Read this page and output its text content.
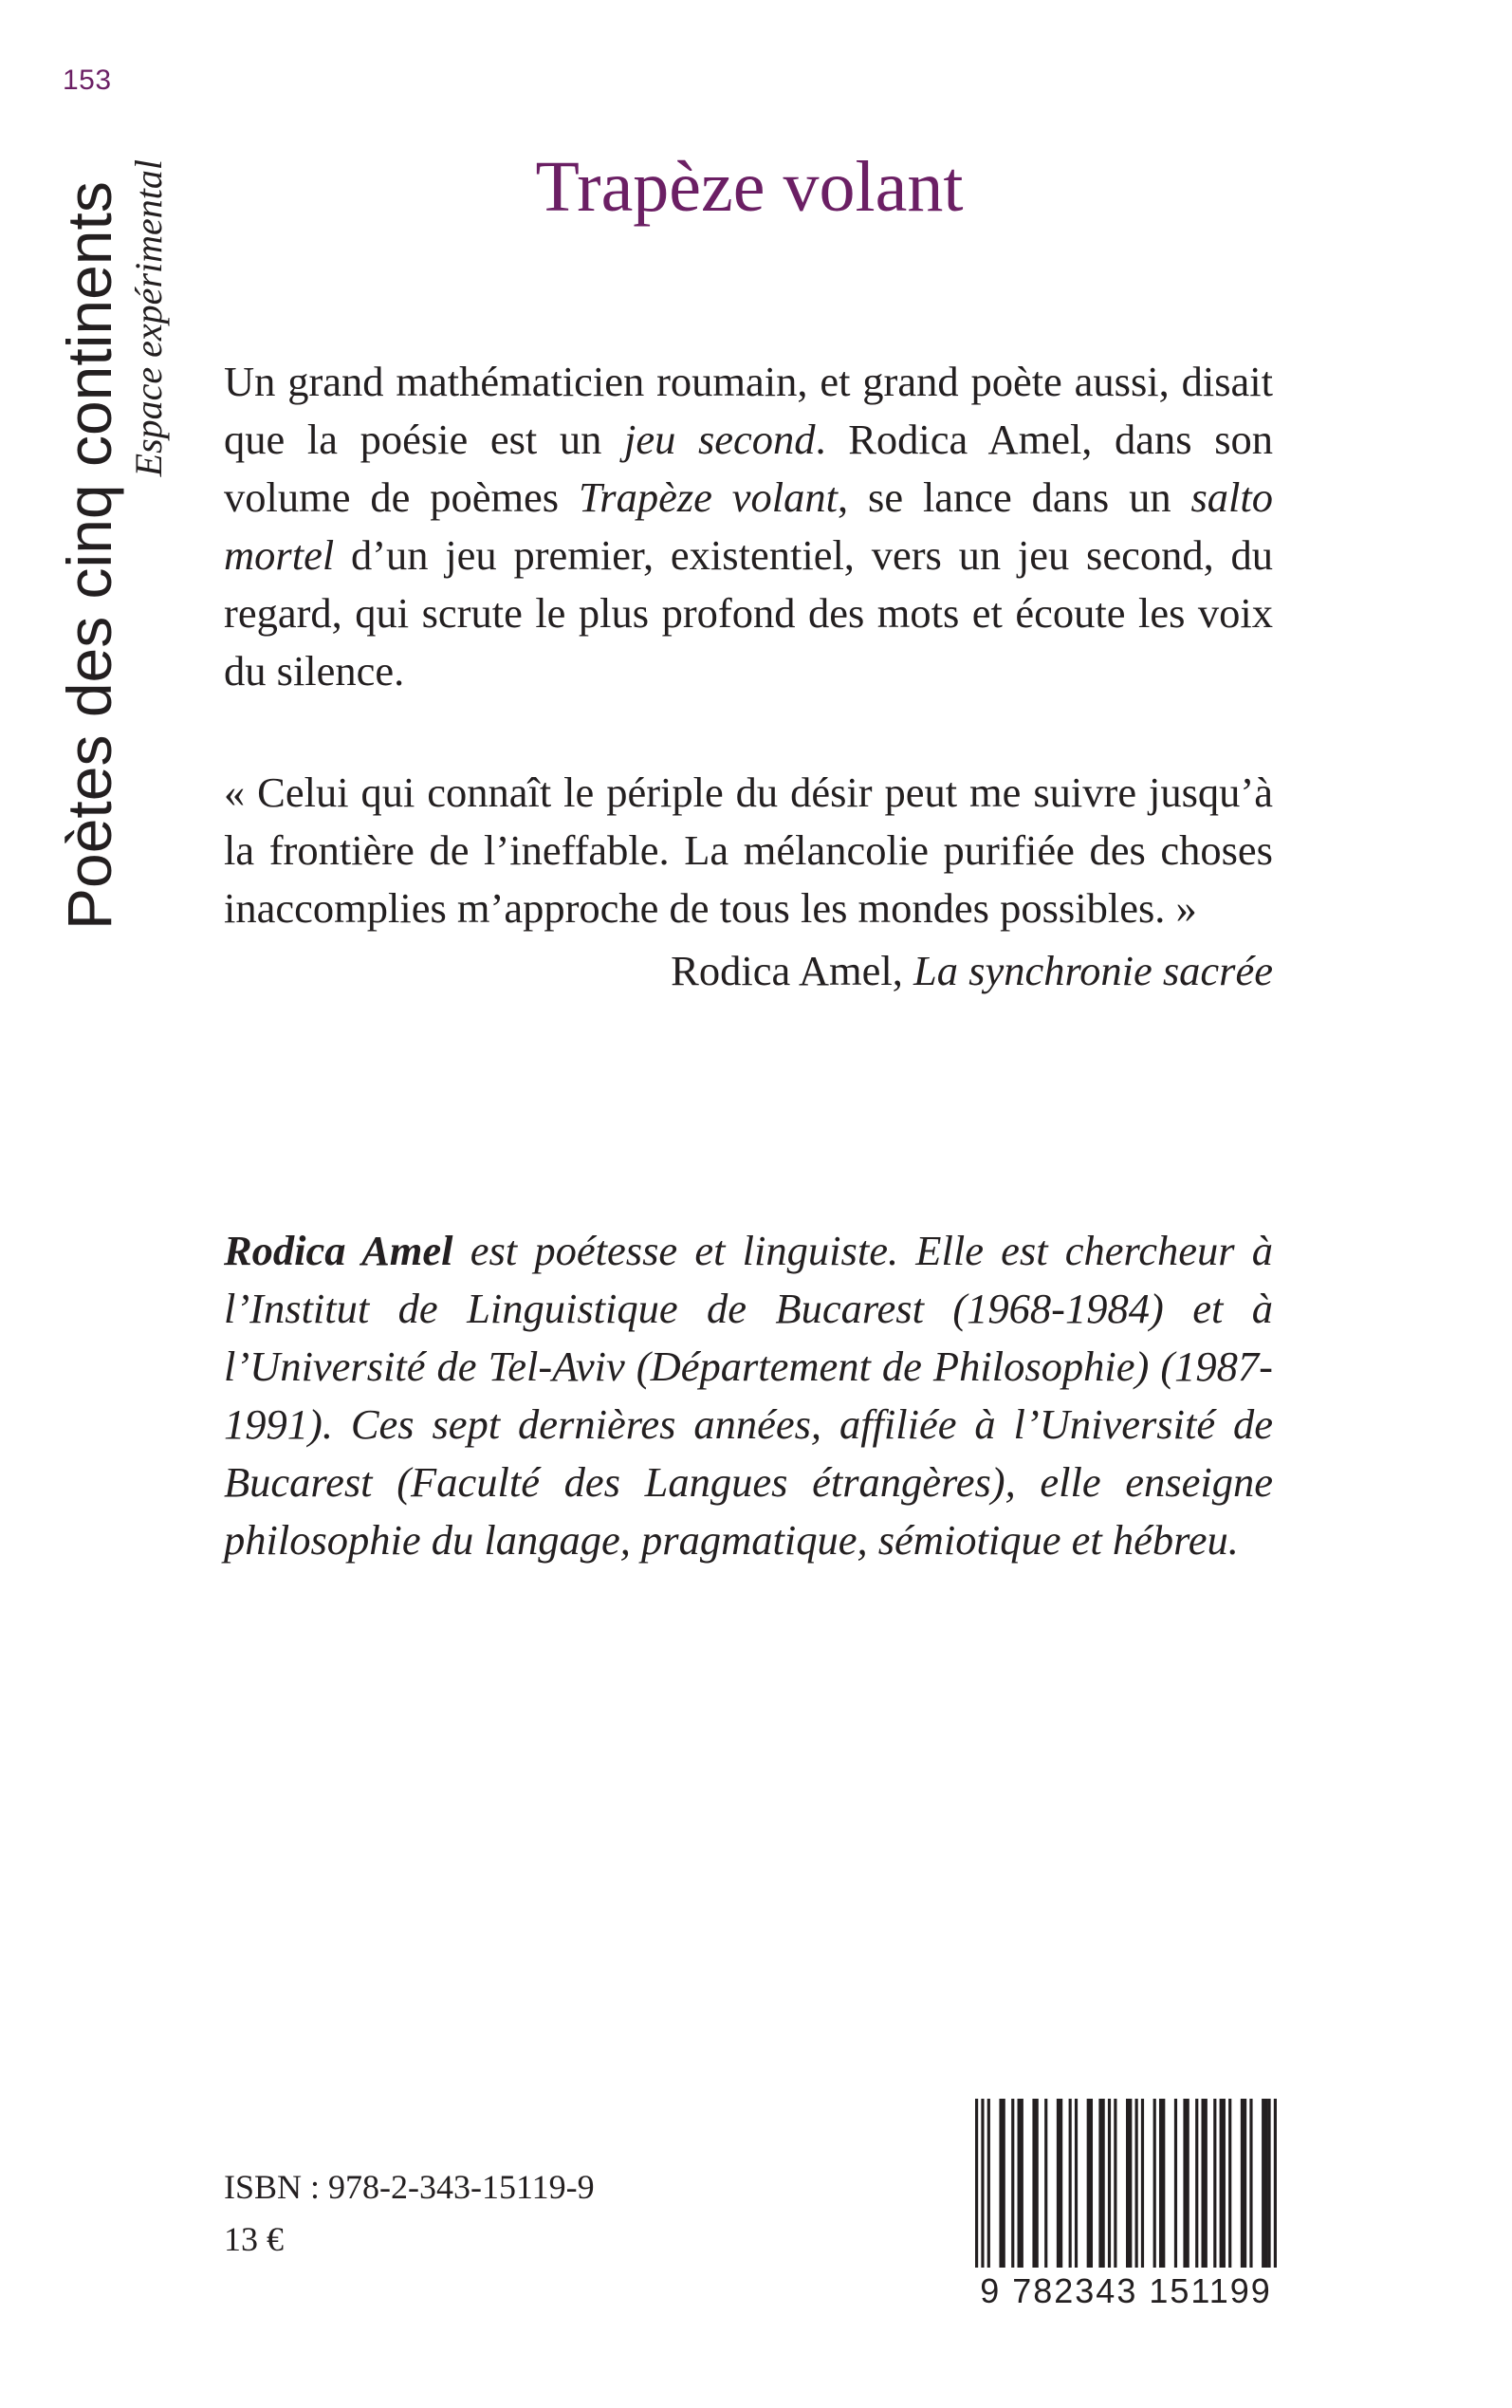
153
Poètes des cinq continents Espace expérimental	Trapèze volant

Un grand mathématicien roumain, et grand poète aussi, disait que la poésie est un jeu second. Rodica Amel, dans son volume de poèmes Trapèze volant, se lance dans un salto mortel d’un jeu premier, existentiel, vers un jeu second, du regard, qui scrute le plus profond des mots et écoute les voix du silence.

« Celui qui connaît le périple du désir peut me suivre jusqu’à la frontière de l’ineffable. La mélancolie purifiée des choses inaccomplies m’approche de tous les mondes possibles. »

Rodica Amel, La synchronie sacrée

Rodica Amel est poétesse et linguiste. Elle est chercheur à l’Institut de Linguistique de Bucarest (1968-1984) et à l’Université de Tel-Aviv (Département de Philosophie) (1987-1991). Ces sept dernières années, affiliée à l’Université de Bucarest (Faculté des Langues étrangères), elle enseigne philosophie du langage, pragmatique, sémiotique et hébreu.

ISBN : 978-2-343-15119-9
13 €
9 782343 151199
